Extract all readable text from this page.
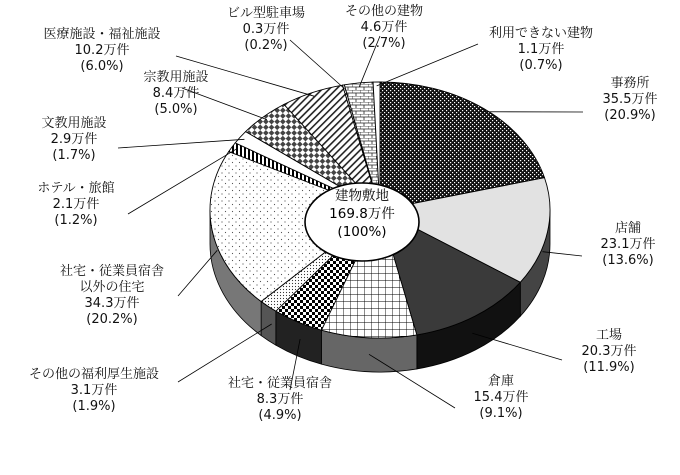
建物敷地
169.8万件
(100%)
事務所
35.5万件
(20.9%)
店舗
23.1万件
(13.6%)
工場
20.3万件
(11.9%)
倉庫
15.4万件
(9.1%)
社宅・従業員宿舎
8.3万件
(4.9%)
その他の福利厚生施設
3.1万件
(1.9%)
社宅・従業員宿舎
以外の住宅
34.3万件
(20.2%)
ホテル・旅館
2.1万件
(1.2%)
文教用施設
2.9万件
(1.7%)
宗教用施設
8.4万件
(5.0%)
医療施設・福祉施設
10.2万件
(6.0%)
ビル型駐車場
0.3万件
(0.2%)
その他の建物
4.6万件
(2.7%)
利用できない建物
1.1万件
(0.7%)
